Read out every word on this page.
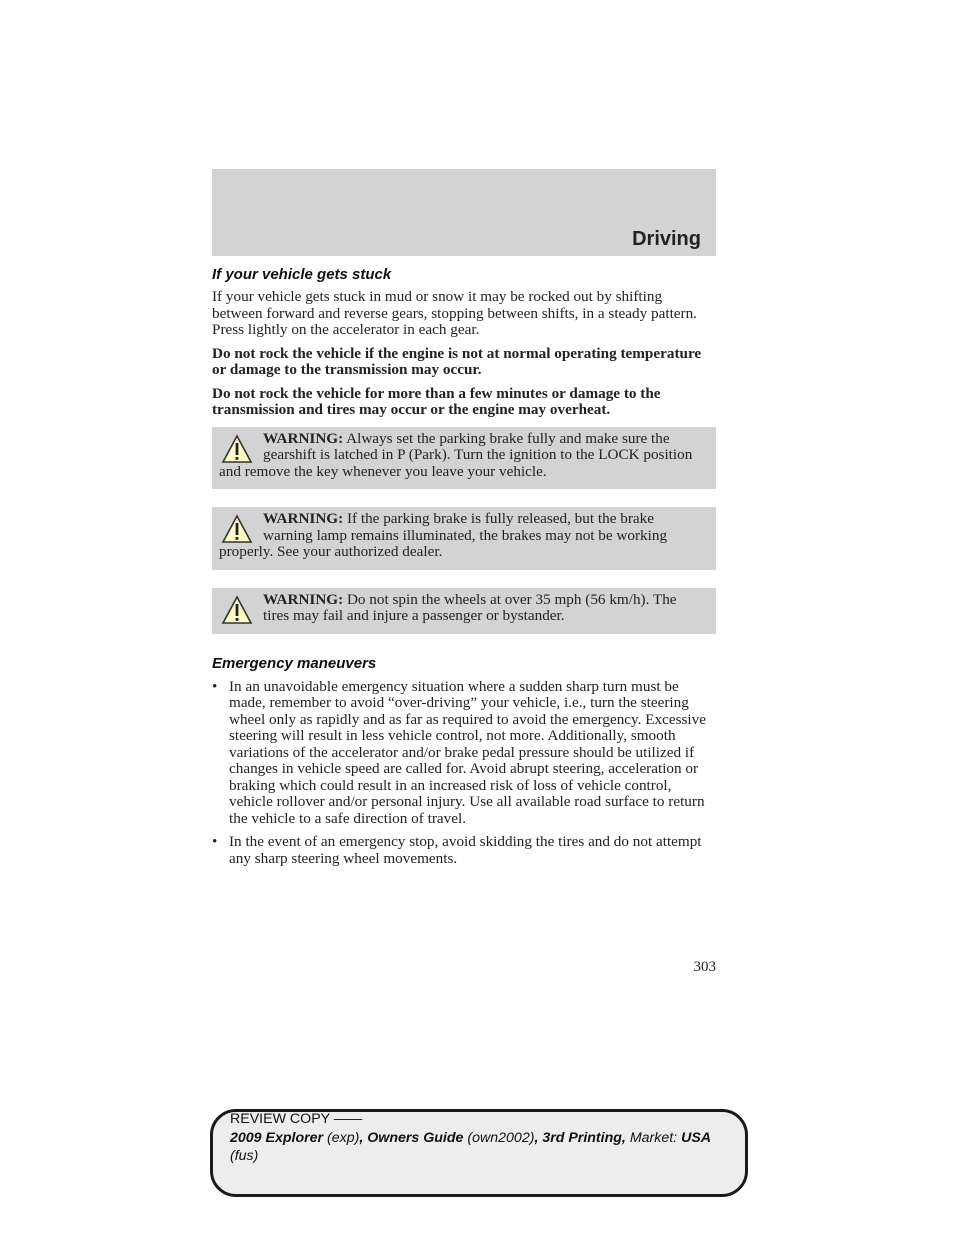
Driving
If your vehicle gets stuck

If your vehicle gets stuck in mud or snow it may be rocked out by shifting between forward and reverse gears, stopping between shifts, in a steady pattern. Press lightly on the accelerator in each gear.

Do not rock the vehicle if the engine is not at normal operating temperature or damage to the transmission may occur.

Do not rock the vehicle for more than a few minutes or damage to the transmission and tires may occur or the engine may overheat.

WARNING: Always set the parking brake fully and make sure the gearshift is latched in P (Park). Turn the ignition to the LOCK position and remove the key whenever you leave your vehicle.

WARNING: If the parking brake is fully released, but the brake warning lamp remains illuminated, the brakes may not be working properly. See your authorized dealer.

WARNING: Do not spin the wheels at over 35 mph (56 km/h). The tires may fail and injure a passenger or bystander.

Emergency maneuvers
• In an unavoidable emergency situation where a sudden sharp turn must be made, remember to avoid “over-driving” your vehicle, i.e., turn the steering wheel only as rapidly and as far as required to avoid the emergency. Excessive steering will result in less vehicle control, not more. Additionally, smooth variations of the accelerator and/or brake pedal pressure should be utilized if changes in vehicle speed are called for. Avoid abrupt steering, acceleration or braking which could result in an increased risk of loss of vehicle control, vehicle rollover and/or personal injury. Use all available road surface to return the vehicle to a safe direction of travel.
• In the event of an emergency stop, avoid skidding the tires and do not attempt any sharp steering wheel movements.
303
REVIEW COPY ——
2009 Explorer (exp), Owners Guide (own2002), 3rd Printing, Market: USA
(fus)
